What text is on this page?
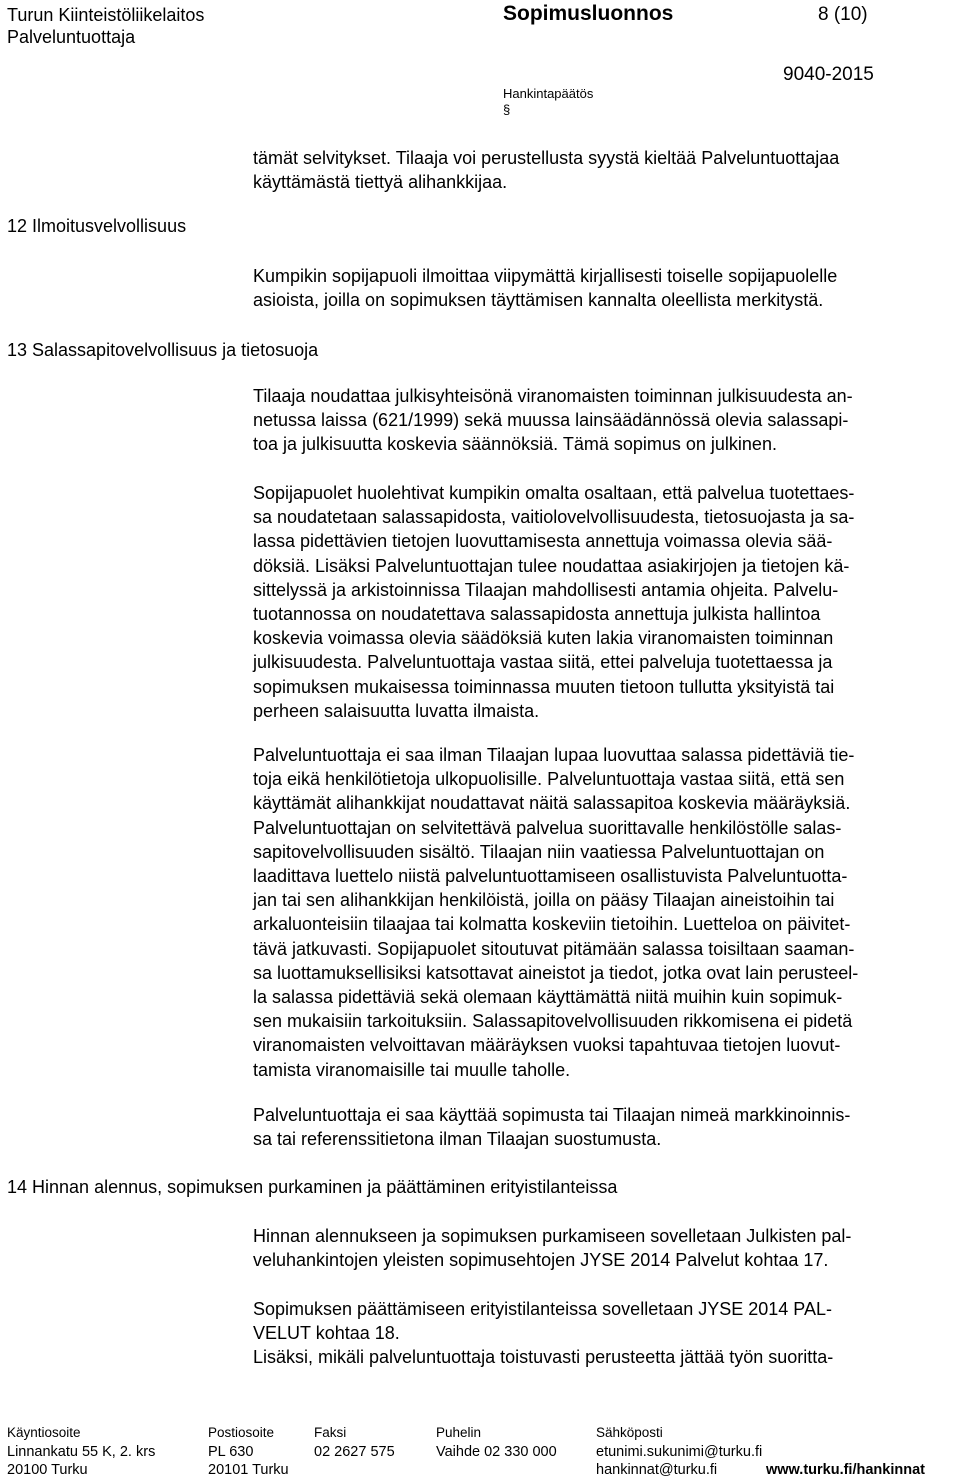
Turun Kiinteistöliikelaitos
Palveluntuottaja
Sopimusluonnos	8 (10)
9040-2015
Hankintapäätös
§
12 Ilmoitusvelvollisuus
13 Salassapitovelvollisuus ja tietosuoja
14 Hinnan alennus, sopimuksen purkaminen ja päättäminen erityistilanteissa
tämät selvitykset. Tilaaja voi perustellusta syystä kieltää Palveluntuottajaa
käyttämästä tiettyä alihankkijaa.
Kumpikin sopijapuoli ilmoittaa viipymättä kirjallisesti toiselle sopijapuolelle
asioista, joilla on sopimuksen täyttämisen kannalta oleellista merkitystä.
Tilaaja noudattaa julkisyhteisönä viranomaisten toiminnan julkisuudesta an-
netussa laissa (621/1999) sekä muussa lainsäädännössä olevia salassapi-
toa ja julkisuutta koskevia säännöksiä. Tämä sopimus on julkinen.
Sopijapuolet huolehtivat kumpikin omalta osaltaan, että palvelua tuotettaes-
sa noudatetaan salassapidosta, vaitiolovelvollisuudesta, tietosuojasta ja sa-
lassa pidettävien tietojen luovuttamisesta annettuja voimassa olevia sää-
döksiä. Lisäksi Palveluntuottajan tulee noudattaa asiakirjojen ja tietojen kä-
sittelyssä ja arkistoinnissa Tilaajan mahdollisesti antamia ohjeita. Palvelu-
tuotannossa on noudatettava salassapidosta annettuja julkista hallintoa
koskevia voimassa olevia säädöksiä kuten lakia viranomaisten toiminnan
julkisuudesta. Palveluntuottaja vastaa siitä, ettei palveluja tuotettaessa ja
sopimuksen mukaisessa toiminnassa muuten tietoon tullutta yksityistä tai
perheen salaisuutta luvatta ilmaista.
Palveluntuottaja ei saa ilman Tilaajan lupaa luovuttaa salassa pidettäviä tie-
toja eikä henkilötietoja ulkopuolisille. Palveluntuottaja vastaa siitä, että sen
käyttämät alihankkijat noudattavat näitä salassapitoa koskevia määräyksiä.
Palveluntuottajan on selvitettävä palvelua suorittavalle henkilöstölle salas-
sapitovelvollisuuden sisältö. Tilaajan niin vaatiessa Palveluntuottajan on
laadittava luettelo niistä palveluntuottamiseen osallistuvista Palveluntuotta-
jan tai sen alihankkijan henkilöistä, joilla on pääsy Tilaajan aineistoihin tai
arkaluonteisiin tilaajaa tai kolmatta koskeviin tietoihin. Luetteloa on päivitet-
tävä jatkuvasti. Sopijapuolet sitoutuvat pitämään salassa toisiltaan saaman-
sa luottamuksellisiksi katsottavat aineistot ja tiedot, jotka ovat lain perusteel-
la salassa pidettäviä sekä olemaan käyttämättä niitä muihin kuin sopimuk-
sen mukaisiin tarkoituksiin. Salassapitovelvollisuuden rikkomisena ei pidetä
viranomaisten velvoittavan määräyksen vuoksi tapahtuvaa tietojen luovut-
tamista viranomaisille tai muulle taholle.
Palveluntuottaja ei saa käyttää sopimusta tai Tilaajan nimeä markkinoinnis-
sa tai referenssitietona ilman Tilaajan suostumusta.
Hinnan alennukseen ja sopimuksen purkamiseen sovelletaan Julkisten pal-
veluhankintojen yleisten sopimusehtojen JYSE 2014 Palvelut kohtaa 17.
Sopimuksen päättämiseen erityistilanteissa sovelletaan JYSE 2014 PAL-
VELUT kohtaa 18.
Lisäksi, mikäli palveluntuottaja toistuvasti perusteetta jättää työn suoritta-
Käyntiosoite
Linnankatu 55 K, 2. krs
20100 Turku
Postiosoite
PL 630
20101 Turku
Faksi
02 2627 575
Puhelin
Vaihde 02 330 000
Sähköposti
etunimi.sukunimi@turku.fi
hankinnat@turku.fi	www.turku.fi/hankinnat
